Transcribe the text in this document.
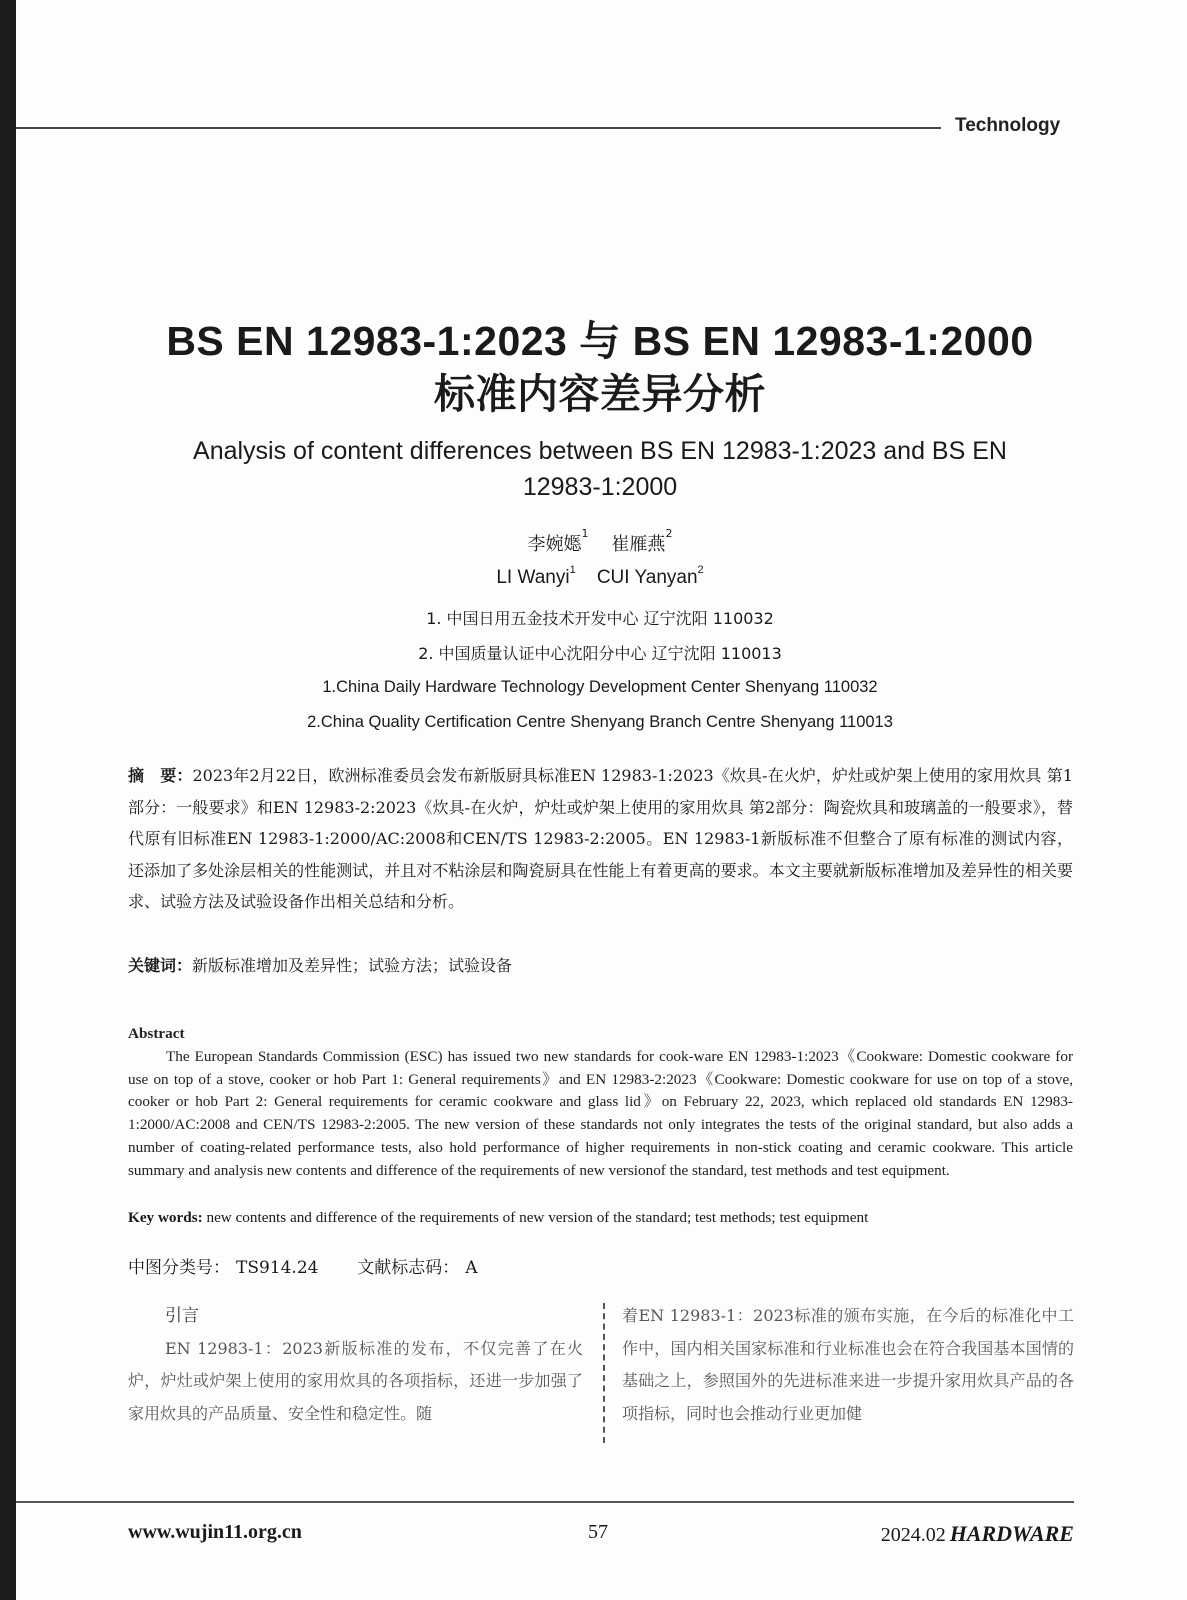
Technology
BS EN 12983-1:2023 与 BS EN 12983-1:2000
标准内容差异分析
Analysis of content differences between BS EN 12983-1:2023 and BS EN 12983-1:2000
李婉嫕$^1$    崔雁燕$^2$
LI Wanyi$^1$ CUI Yanyan$^2$
1. 中国日用五金技术开发中心 辽宁沈阳 110032
2. 中国质量认证中心沈阳分中心 辽宁沈阳 110013
1.China Daily Hardware Technology Development Center Shenyang 110032
2.China Quality Certification Centre Shenyang Branch Centre Shenyang 110013
摘　要：2023年2月22日，欧洲标准委员会发布新版厨具标准EN 12983-1:2023《炊具-在火炉，炉灶或炉架上使用的家用炊具 第1部分：一般要求》和EN 12983-2:2023《炊具-在火炉，炉灶或炉架上使用的家用炊具 第2部分：陶瓷炊具和玻璃盖的一般要求》，替代原有旧标准EN 12983-1:2000/AC:2008和CEN/TS 12983-2:2005。EN 12983-1新版标准不但整合了原有标准的测试内容，还添加了多处涂层相关的性能测试，并且对不粘涂层和陶瓷厨具在性能上有着更高的要求。本文主要就新版标准增加及差异性的相关要求、试验方法及试验设备作出相关总结和分析。
关键词：新版标准增加及差异性；试验方法；试验设备
Abstract
The European Standards Commission (ESC) has issued two new standards for cook-ware EN 12983-1:2023《Cookware: Domestic cookware for use on top of a stove, cooker or hob Part 1: General requirements》and EN 12983-2:2023《Cookware: Domestic cookware for use on top of a stove, cooker or hob Part 2: General requirements for ceramic cookware and glass lid》on February 22, 2023, which replaced old standards EN 12983-1:2000/AC:2008 and CEN/TS 12983-2:2005. The new version of these standards not only integrates the tests of the original standard, but also adds a number of coating-related performance tests, also hold performance of higher requirements in non-stick coating and ceramic cookware. This article summary and analysis new contents and difference of the requirements of new versionof the standard, test methods and test equipment.
Key words: new contents and difference of the requirements of new version of the standard; test methods; test equipment
中图分类号： TS914.24 文献标志码： A
引言
EN 12983-1：2023新版标准的发布，不仅完善了在火炉，炉灶或炉架上使用的家用炊具的各项指标，还进一步加强了家用炊具的产品质量、安全性和稳定性。随
着EN 12983-1：2023标准的颁布实施，在今后的标准化中工作中，国内相关国家标准和行业标准也会在符合我国基本国情的基础之上，参照国外的先进标准来进一步提升家用炊具产品的各项指标，同时也会推动行业更加健
www.wujin11.org.cn	57	2024.02 HARDWARE
